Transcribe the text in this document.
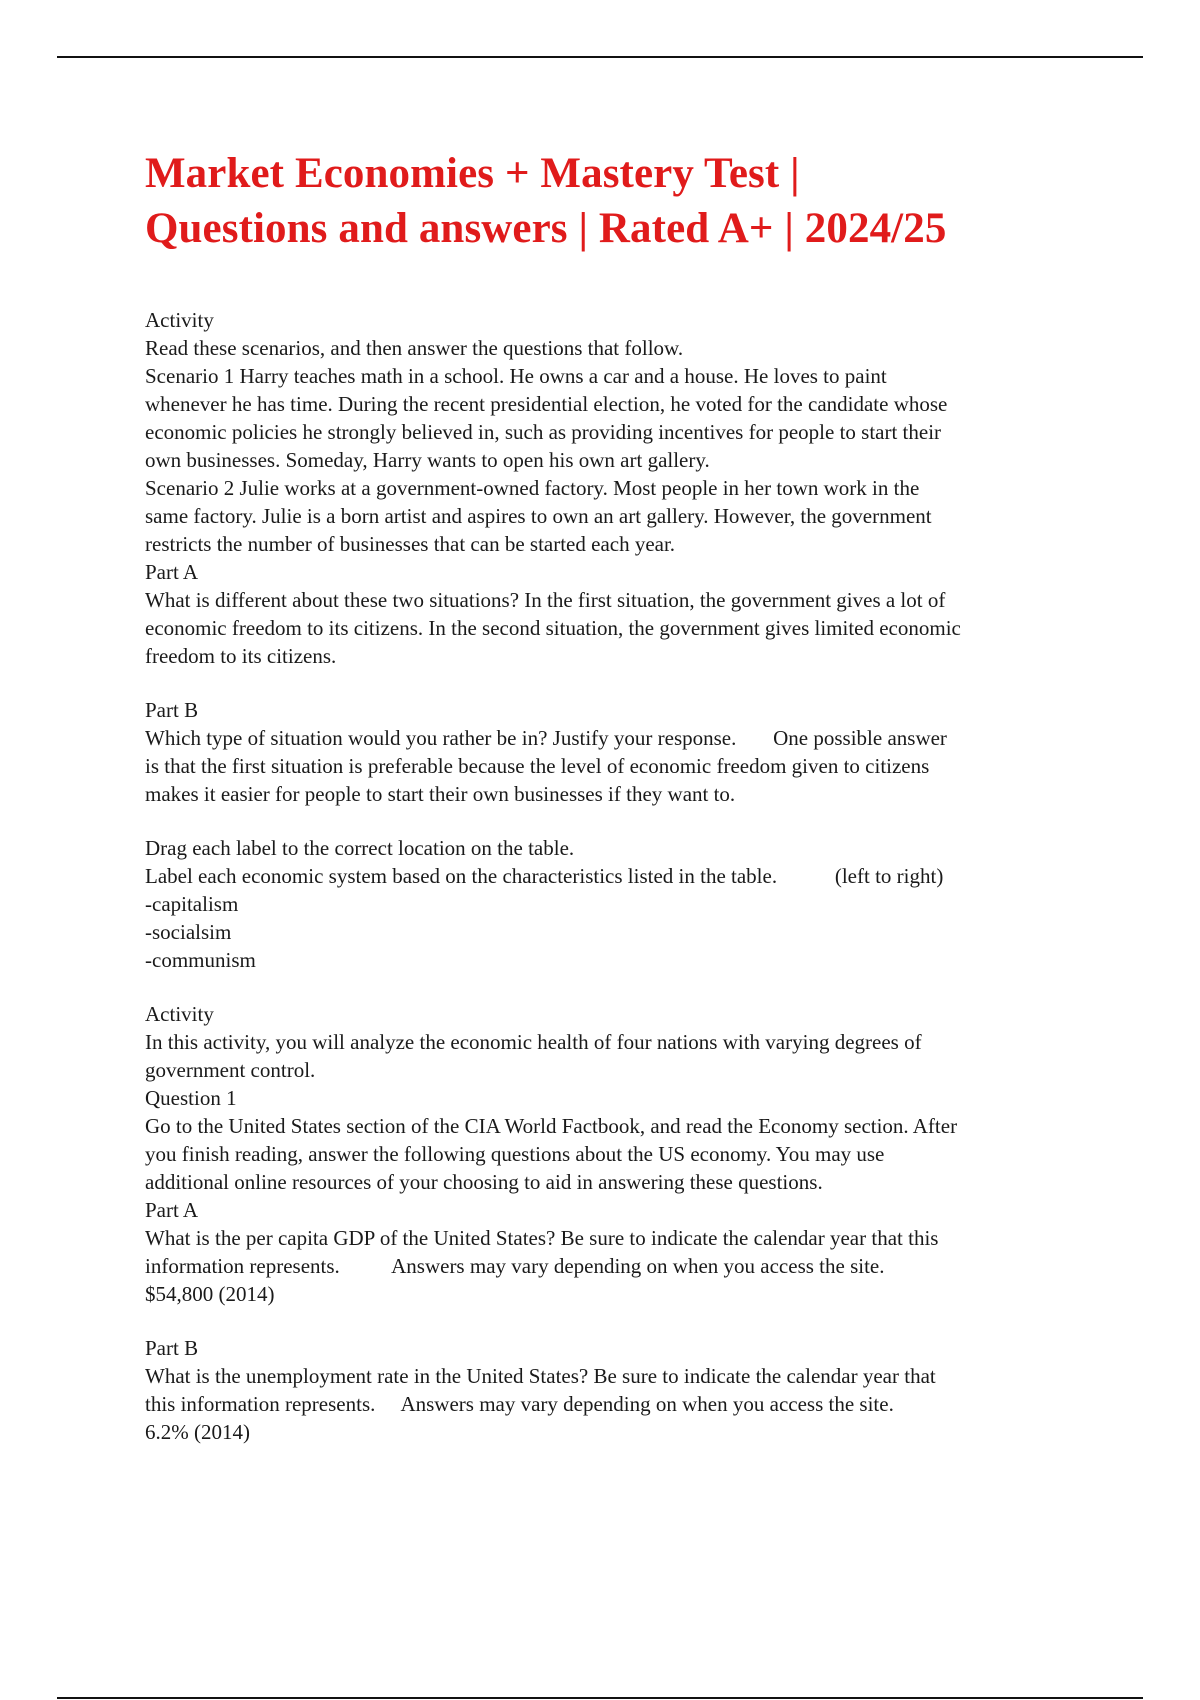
Market Economies + Mastery Test |
Questions and answers | Rated A+ | 2024/25
Activity
Read these scenarios, and then answer the questions that follow.
Scenario 1 Harry teaches math in a school. He owns a car and a house. He loves to paint
whenever he has time. During the recent presidential election, he voted for the candidate whose
economic policies he strongly believed in, such as providing incentives for people to start their
own businesses. Someday, Harry wants to open his own art gallery.
Scenario 2 Julie works at a government-owned factory. Most people in her town work in the
same factory. Julie is a born artist and aspires to own an art gallery. However, the government
restricts the number of businesses that can be started each year.
Part A
What is different about these two situations? In the first situation, the government gives a lot of
economic freedom to its citizens. In the second situation, the government gives limited economic
freedom to its citizens.
Part B
Which type of situation would you rather be in? Justify your response.       One possible answer
is that the first situation is preferable because the level of economic freedom given to citizens
makes it easier for people to start their own businesses if they want to.
Drag each label to the correct location on the table.
Label each economic system based on the characteristics listed in the table.           (left to right)
-capitalism
-socialsim
-communism
Activity
In this activity, you will analyze the economic health of four nations with varying degrees of
government control.
Question 1
Go to the United States section of the CIA World Factbook, and read the Economy section. After
you finish reading, answer the following questions about the US economy. You may use
additional online resources of your choosing to aid in answering these questions.
Part A
What is the per capita GDP of the United States? Be sure to indicate the calendar year that this
information represents.          Answers may vary depending on when you access the site.
$54,800 (2014)
Part B
What is the unemployment rate in the United States? Be sure to indicate the calendar year that
this information represents.     Answers may vary depending on when you access the site.
6.2% (2014)
